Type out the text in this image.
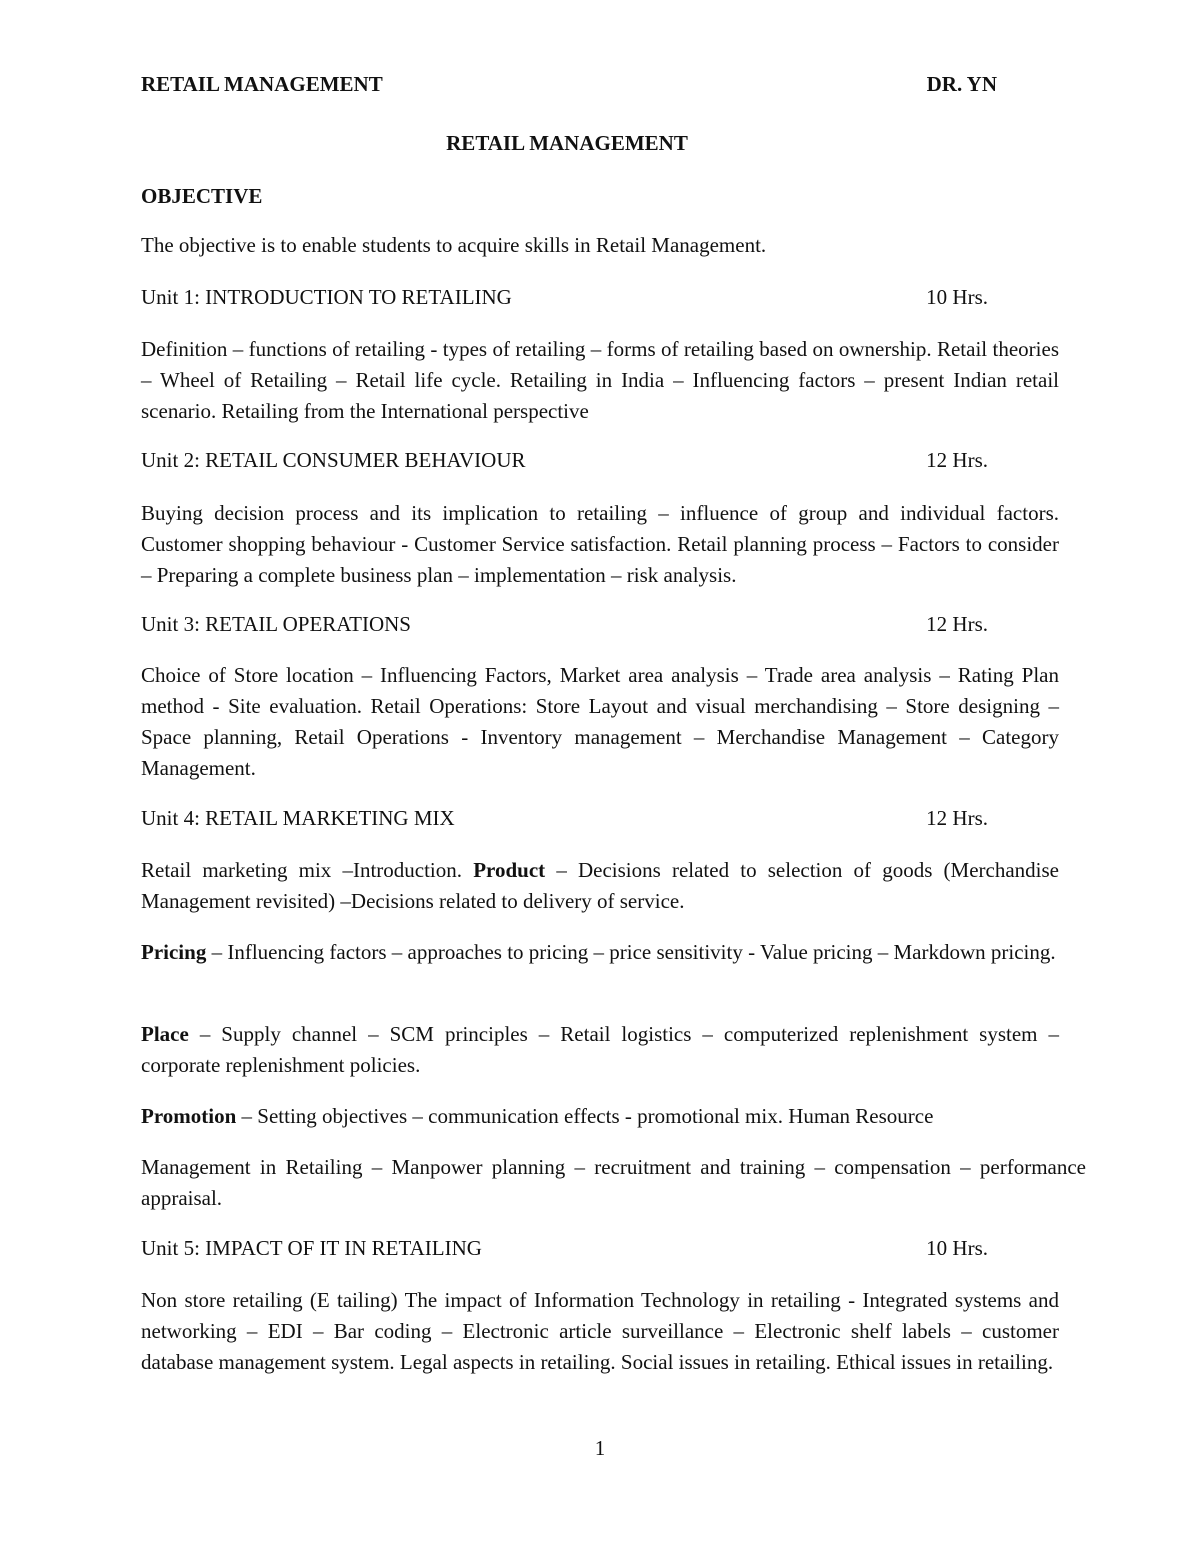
RETAIL MANAGEMENT	DR. YN
RETAIL MANAGEMENT
OBJECTIVE
The objective is to enable students to acquire skills in Retail Management.
Unit 1: INTRODUCTION TO RETAILING	10 Hrs.
Definition – functions of retailing - types of retailing – forms of retailing based on ownership. Retail theories – Wheel of Retailing – Retail life cycle. Retailing in India – Influencing factors – present Indian retail scenario. Retailing from the International perspective
Unit 2: RETAIL CONSUMER BEHAVIOUR	12 Hrs.
Buying decision process and its implication to retailing – influence of group and individual factors. Customer shopping behaviour - Customer Service satisfaction. Retail planning process – Factors to consider – Preparing a complete business plan – implementation – risk analysis.
Unit 3: RETAIL OPERATIONS	12 Hrs.
Choice of Store location – Influencing Factors, Market area analysis – Trade area analysis – Rating Plan method - Site evaluation. Retail Operations: Store Layout and visual merchandising – Store designing – Space planning, Retail Operations - Inventory management – Merchandise Management – Category Management.
Unit 4: RETAIL MARKETING MIX	12 Hrs.
Retail marketing mix –Introduction. Product – Decisions related to selection of goods (Merchandise Management revisited) –Decisions related to delivery of service.
Pricing – Influencing factors – approaches to pricing – price sensitivity - Value pricing – Markdown pricing.
Place – Supply channel – SCM principles – Retail logistics – computerized replenishment system – corporate replenishment policies.
Promotion – Setting objectives – communication effects - promotional mix. Human Resource
Management in Retailing – Manpower planning – recruitment and training – compensation – performance appraisal.
Unit 5: IMPACT OF IT IN RETAILING	10 Hrs.
Non store retailing (E tailing) The impact of Information Technology in retailing - Integrated systems and networking – EDI – Bar coding – Electronic article surveillance – Electronic shelf labels – customer database management system. Legal aspects in retailing. Social issues in retailing. Ethical issues in retailing.
1
